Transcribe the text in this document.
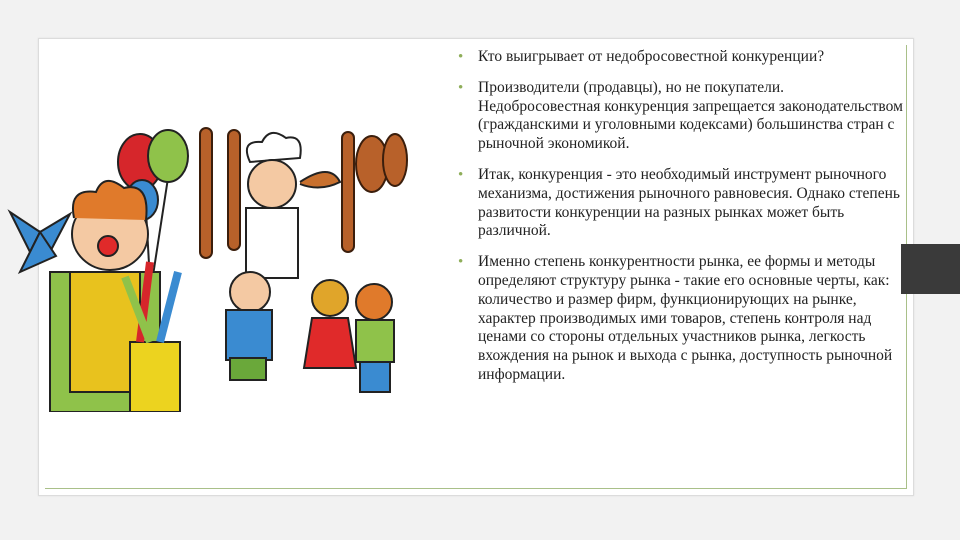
• Кто выигрывает от недобросовестной конкуренции?
• Производители (продавцы), но не покупатели. Недобросовестная конкуренция запрещается законодательством (гражданскими и уголовными кодексами) большинства стран с рыночной экономикой.
• Итак, конкуренция - это необходимый инструмент рыночного механизма, достижения рыночного равновесия. Однако степень развитости конкуренции на разных рынках может быть различной.
• Именно степень конкурентности рынка, ее формы и методы определяют структуру рынка - такие его основные черты, как: количество и размер фирм, функционирующих на рынке, характер производимых ими товаров, степень контроля над ценами со стороны отдельных участников рынка, легкость вхождения на рынок и выхода с рынка, доступность рыночной информации.
